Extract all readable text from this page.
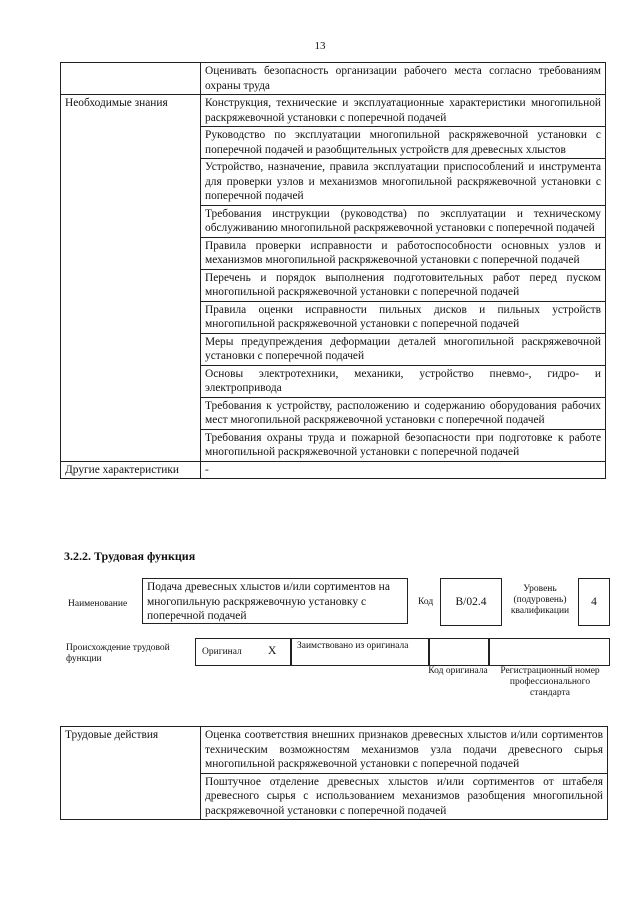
13
	Оценивать безопасность организации рабочего места согласно требованиям охраны труда
Необходимые знания	Конструкция, технические и эксплуатационные характеристики многопильной раскряжевочной установки с поперечной подачей
	Руководство по эксплуатации многопильной раскряжевочной установки с поперечной подачей и разобщительных устройств для древесных хлыстов
	Устройство, назначение, правила эксплуатации приспособлений и инструмента для проверки узлов и механизмов многопильной раскряжевочной установки с поперечной подачей
	Требования инструкции (руководства) по эксплуатации и техническому обслуживанию многопильной раскряжевочной установки с поперечной подачей
	Правила проверки исправности и работоспособности основных узлов и механизмов многопильной раскряжевочной установки с поперечной подачей
	Перечень и порядок выполнения подготовительных работ перед пуском многопильной раскряжевочной установки с поперечной подачей
	Правила оценки исправности пильных дисков и пильных устройств многопильной раскряжевочной установки с поперечной подачей
	Меры предупреждения деформации деталей многопильной раскряжевочной установки с поперечной подачей
	Основы электротехники, механики, устройство пневмо-, гидро- и электропривода
	Требования к устройству, расположению и содержанию оборудования рабочих мест многопильной раскряжевочной установки с поперечной подачей
	Требования охраны труда и пожарной безопасности при подготовке к работе многопильной раскряжевочной установки с поперечной подачей
Другие характеристики	-
3.2.2. Трудовая функция
Наименование
Подача древесных хлыстов и/или сортиментов на многопильную раскряжевочную установку с поперечной подачей
Код B/02.4
Уровень (подуровень) квалификации
4
Происхождение трудовой функции
Оригинал X Заимствовано из оригинала
Код оригинала	Регистрационный номер профессионального стандарта
Трудовые действия	Оценка соответствия внешних признаков древесных хлыстов и/или сортиментов техническим возможностям механизмов узла подачи древесного сырья многопильной раскряжевочной установки с поперечной подачей
Поштучное отделение древесных хлыстов и/или сортиментов от штабеля древесного сырья с использованием механизмов разобщения многопильной раскряжевочной установки с поперечной подачей
